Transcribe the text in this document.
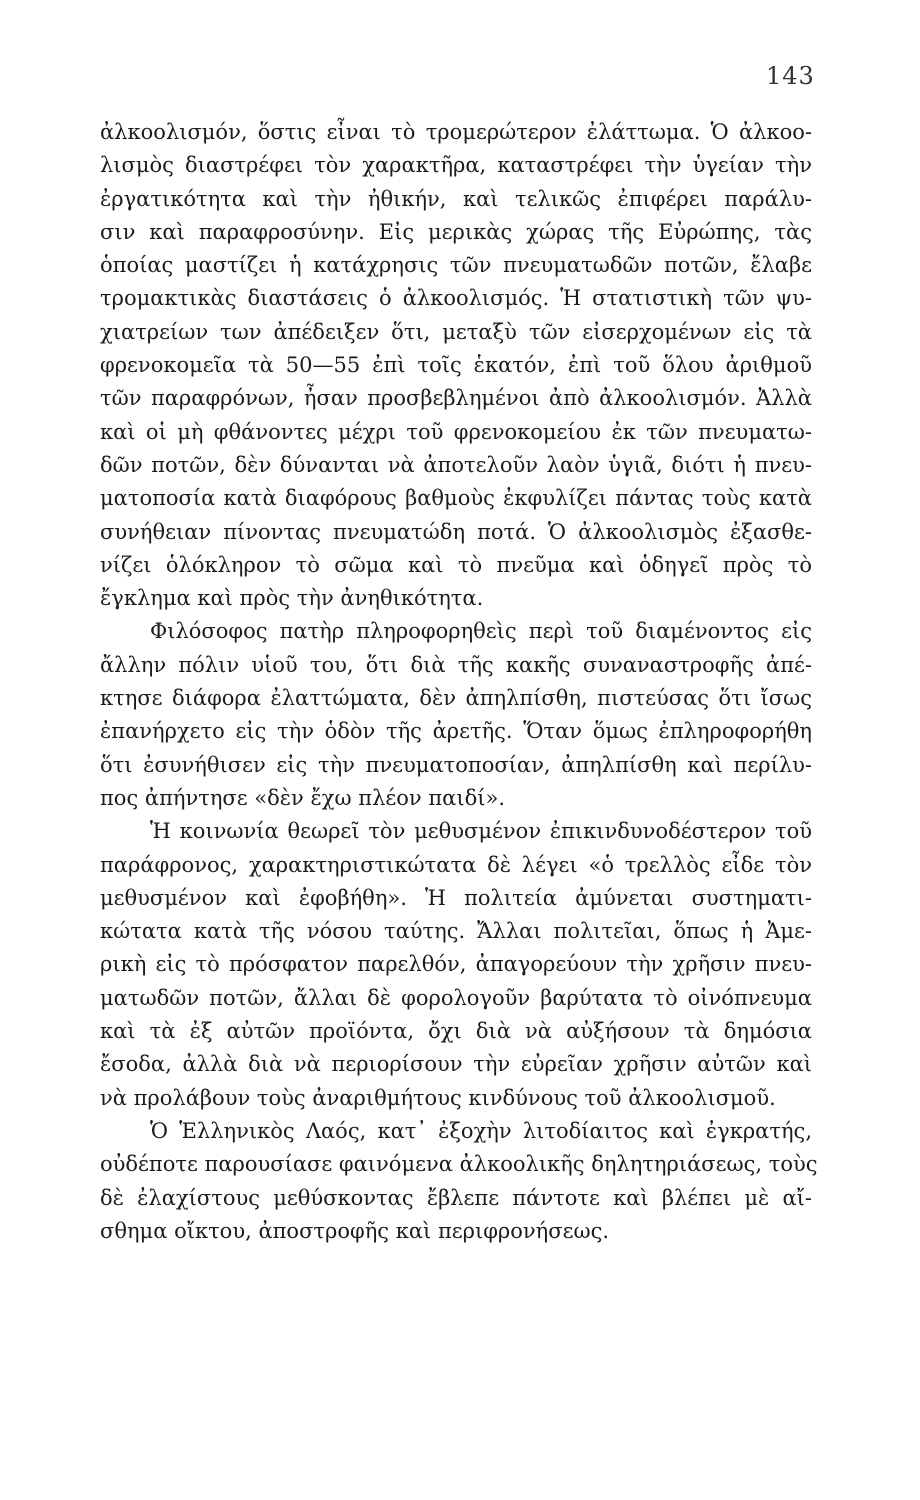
143
ἀλκοολισμόν, ὅστις εἶναι τὸ τρομερώτερον ἐλάττωμα. Ὁ ἀλκοο-
λισμὸς διαστρέφει τὸν χαρακτῆρα, καταστρέφει τὴν ὑγείαν τὴν
ἐργατικότητα καὶ τὴν ἠθικήν, καὶ τελικῶς ἐπιφέρει παράλυ-
σιν καὶ παραφροσύνην. Εἰς μερικὰς χώρας τῆς Εὐρώπης, τὰς
ὁποίας μαστίζει ἡ κατάχρησις τῶν πνευματωδῶν ποτῶν, ἔλαβε
τρομακτικὰς διαστάσεις ὁ ἀλκοολισμός. Ἡ στατιστικὴ τῶν ψυ-
χιατρείων των ἀπέδειξεν ὅτι, μεταξὺ τῶν εἰσερχομένων εἰς τὰ
φρενοκομεῖα τὰ 50—55 ἐπὶ τοῖς ἑκατόν, ἐπὶ τοῦ ὅλου ἀριθμοῦ
τῶν παραφρόνων, ἦσαν προσβεβλημένοι ἀπὸ ἀλκοολισμόν. Ἀλλὰ
καὶ οἱ μὴ φθάνοντες μέχρι τοῦ φρενοκομείου ἐκ τῶν πνευματω-
δῶν ποτῶν, δὲν δύνανται νὰ ἀποτελοῦν λαὸν ὑγιᾶ, διότι ἡ πνευ-
ματοποσία κατὰ διαφόρους βαθμοὺς ἐκφυλίζει πάντας τοὺς κατὰ
συνήθειαν πίνοντας πνευματώδη ποτά. Ὁ ἀλκοολισμὸς ἐξασθε-
νίζει ὁλόκληρον τὸ σῶμα καὶ τὸ πνεῦμα καὶ ὁδηγεῖ πρὸς τὸ
ἔγκλημα καὶ πρὸς τὴν ἀνηθικότητα.
Φιλόσοφος πατὴρ πληροφορηθεὶς περὶ τοῦ διαμένοντος εἰς
ἄλλην πόλιν υἱοῦ του, ὅτι διὰ τῆς κακῆς συναναστροφῆς ἀπέ-
κτησε διάφορα ἐλαττώματα, δὲν ἀπηλπίσθη, πιστεύσας ὅτι ἴσως
ἐπανήρχετο εἰς τὴν ὁδὸν τῆς ἀρετῆς. Ὅταν ὅμως ἐπληροφορήθη
ὅτι ἐσυνήθισεν εἰς τὴν πνευματοποσίαν, ἀπηλπίσθη καὶ περίλυ-
πος ἀπήντησε «δὲν ἔχω πλέον παιδί».
Ἡ κοινωνία θεωρεῖ τὸν μεθυσμένον ἐπικινδυνοδέστερον τοῦ
παράφρονος, χαρακτηριστικώτατα δὲ λέγει «ὁ τρελλὸς εἶδε τὸν
μεθυσμένον καὶ ἐφοβήθη». Ἡ πολιτεία ἀμύνεται συστηματι-
κώτατα κατὰ τῆς νόσου ταύτης. Ἄλλαι πολιτεῖαι, ὅπως ἡ Ἀμε-
ρικὴ εἰς τὸ πρόσφατον παρελθόν, ἀπαγορεύουν τὴν χρῆσιν πνευ-
ματωδῶν ποτῶν, ἄλλαι δὲ φορολογοῦν βαρύτατα τὸ οἰνόπνευμα
καὶ τὰ ἐξ αὐτῶν προϊόντα, ὄχι διὰ νὰ αὐξήσουν τὰ δημόσια
ἔσοδα, ἀλλὰ διὰ νὰ περιορίσουν τὴν εὐρεῖαν χρῆσιν αὐτῶν καὶ
νὰ προλάβουν τοὺς ἀναριθμήτους κινδύνους τοῦ ἀλκοολισμοῦ.
Ὁ Ἑλληνικὸς Λαός, κατ᾽ ἐξοχὴν λιτοδίαιτος καὶ ἐγκρατής,
οὐδέποτε παρουσίασε φαινόμενα ἀλκοολικῆς δηλητηριάσεως, τοὺς
δὲ ἐλαχίστους μεθύσκοντας ἔβλεπε πάντοτε καὶ βλέπει μὲ αἴ-
σθημα οἴκτου, ἀποστροφῆς καὶ περιφρονήσεως.
